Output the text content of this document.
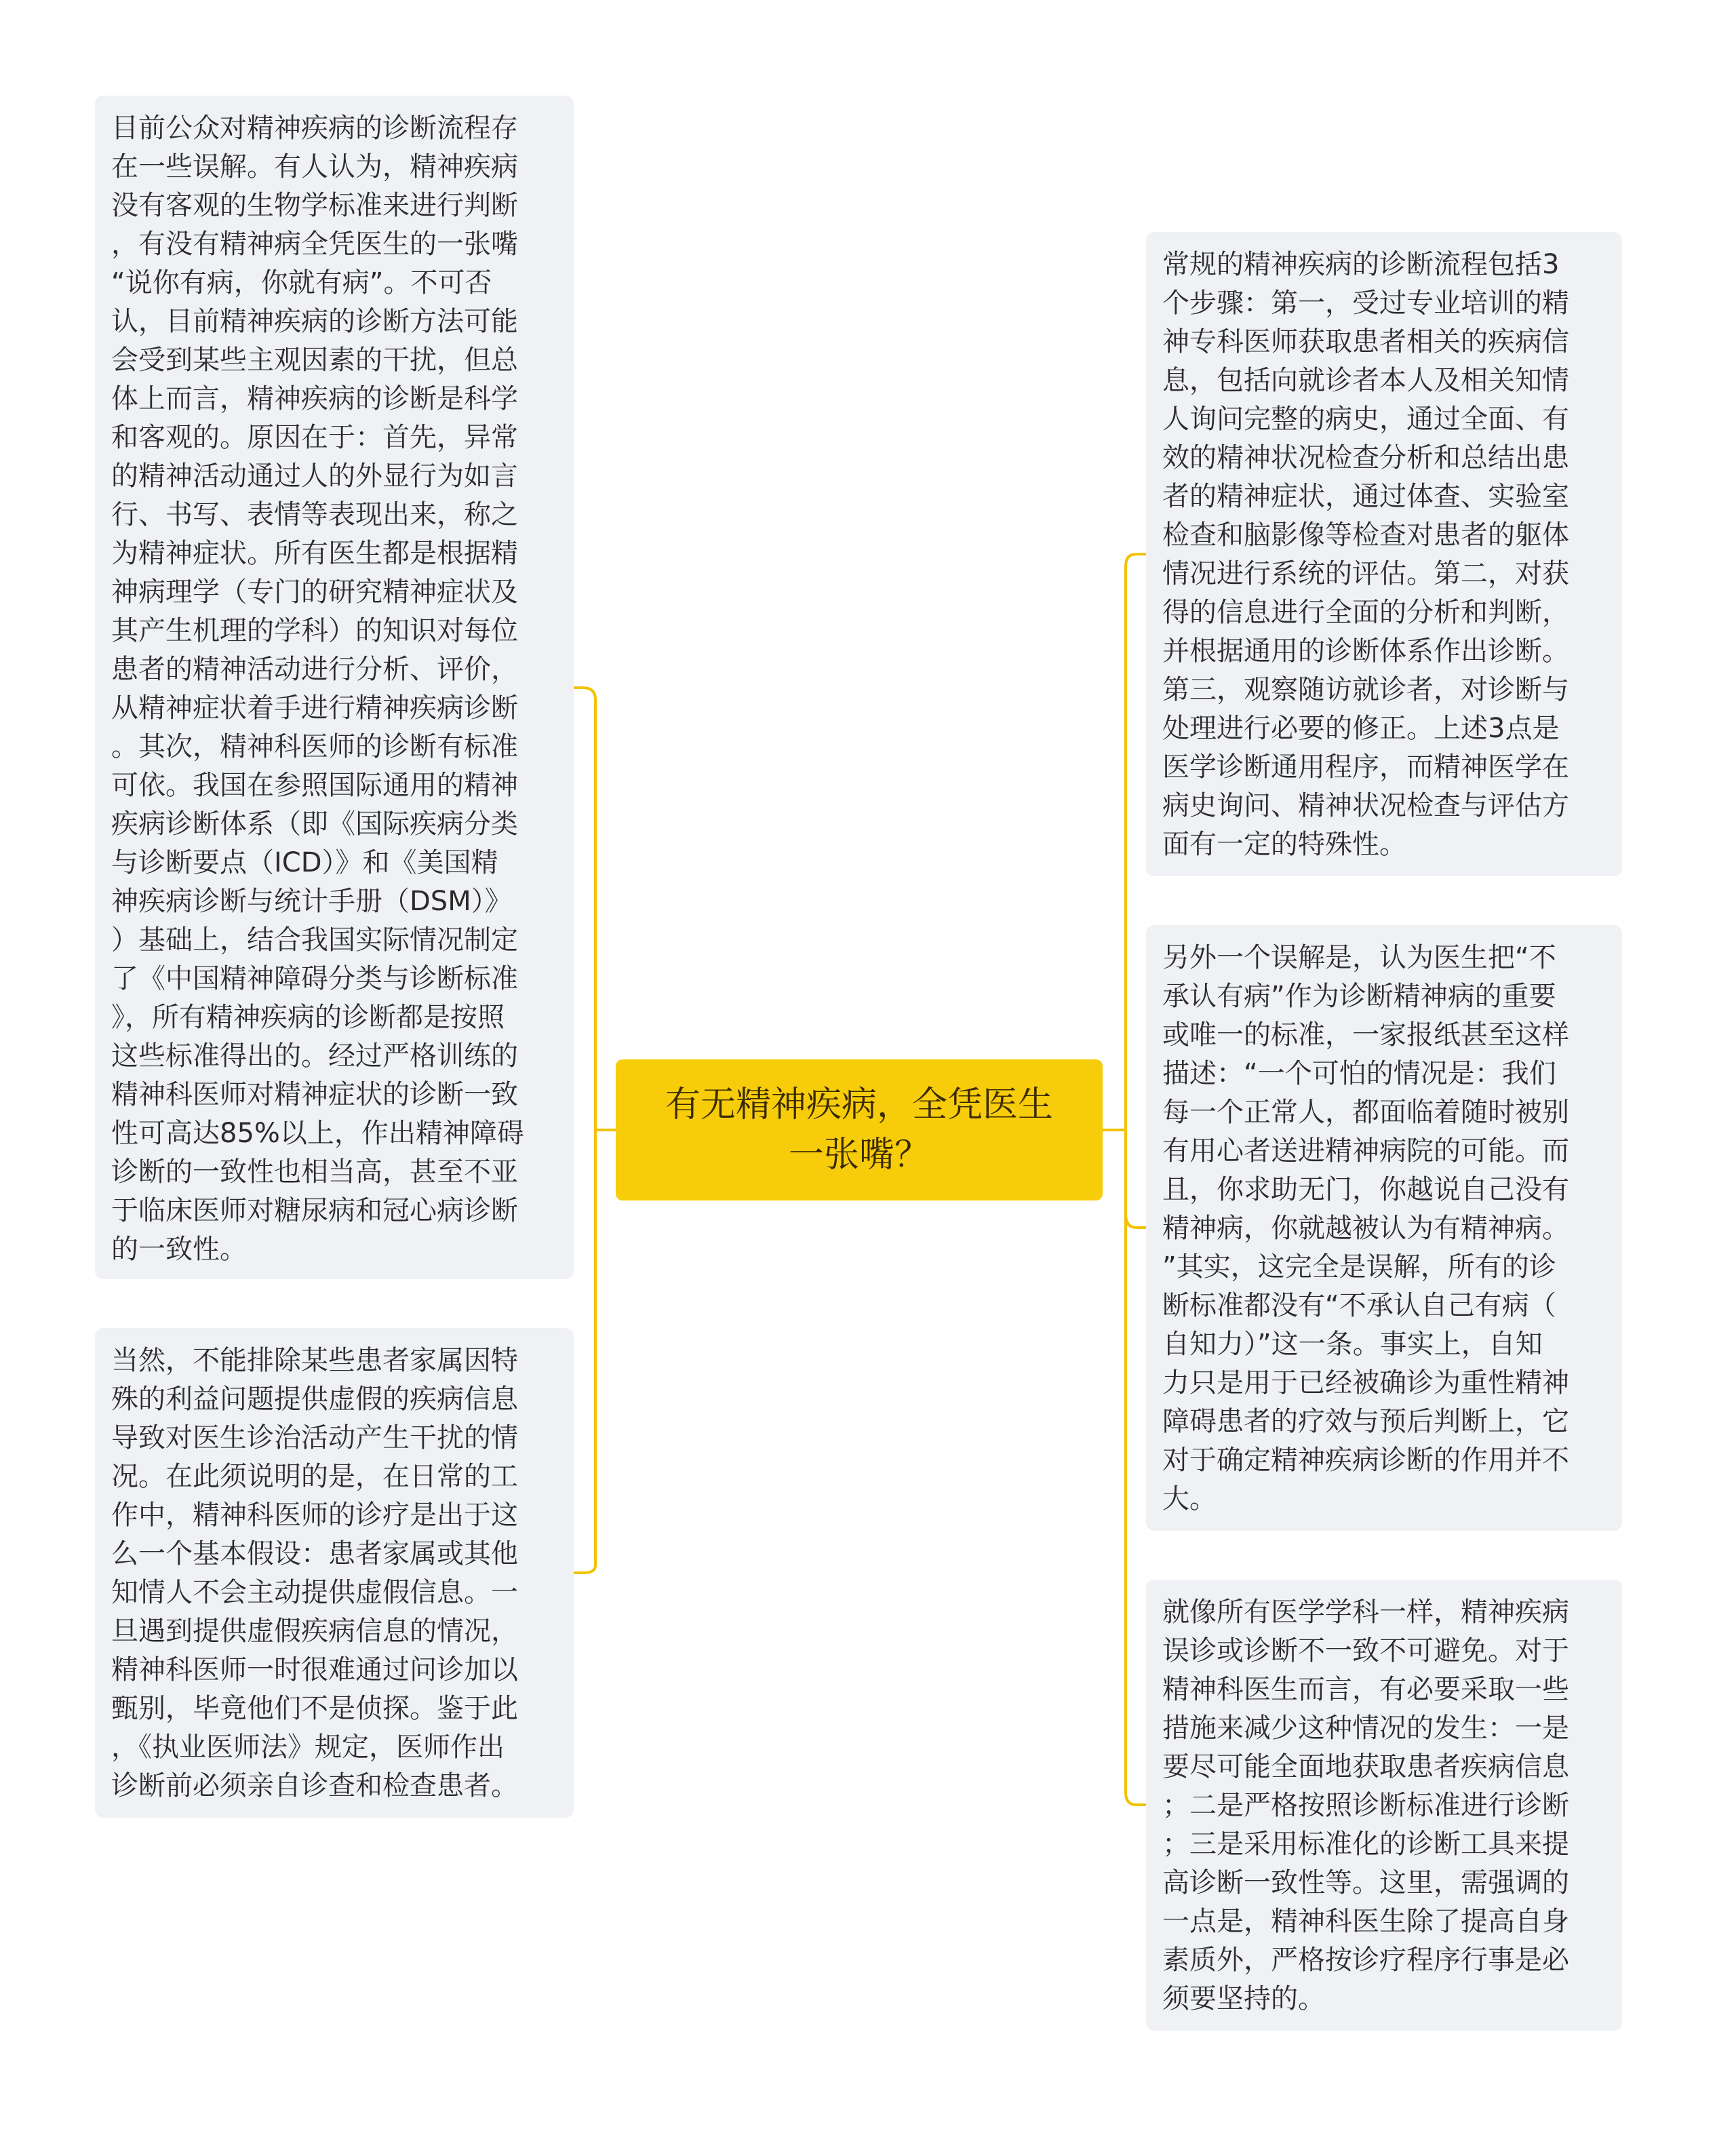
目前公众对精神疾病的诊断流程存
在一些误解。有人认为，精神疾病
没有客观的生物学标准来进行判断
，有没有精神病全凭医生的一张嘴
“说你有病，你就有病”。不可否
认，目前精神疾病的诊断方法可能
会受到某些主观因素的干扰，但总
体上而言，精神疾病的诊断是科学
和客观的。原因在于：首先，异常
的精神活动通过人的外显行为如言
行、书写、表情等表现出来，称之
为精神症状。所有医生都是根据精
神病理学（专门的研究精神症状及
其产生机理的学科）的知识对每位
患者的精神活动进行分析、评价，
从精神症状着手进行精神疾病诊断
。其次，精神科医师的诊断有标准
可依。我国在参照国际通用的精神
疾病诊断体系（即《国际疾病分类
与诊断要点（ICD）》和《美国精
神疾病诊断与统计手册（DSM）》
）基础上，结合我国实际情况制定
了《中国精神障碍分类与诊断标准
》，所有精神疾病的诊断都是按照
这些标准得出的。经过严格训练的
精神科医师对精神症状的诊断一致
性可高达85%以上，作出精神障碍
诊断的一致性也相当高，甚至不亚
于临床医师对糖尿病和冠心病诊断
的一致性。
当然，不能排除某些患者家属因特
殊的利益问题提供虚假的疾病信息
导致对医生诊治活动产生干扰的情
况。在此须说明的是，在日常的工
作中，精神科医师的诊疗是出于这
么一个基本假设：患者家属或其他
知情人不会主动提供虚假信息。一
旦遇到提供虚假疾病信息的情况，
精神科医师一时很难通过问诊加以
甄别，毕竟他们不是侦探。鉴于此
，《执业医师法》规定，医师作出
诊断前必须亲自诊查和检查患者。
有无精神疾病，全凭医生
一张嘴？
常规的精神疾病的诊断流程包括3
个步骤：第一，受过专业培训的精
神专科医师获取患者相关的疾病信
息，包括向就诊者本人及相关知情
人询问完整的病史，通过全面、有
效的精神状况检查分析和总结出患
者的精神症状，通过体查、实验室
检查和脑影像等检查对患者的躯体
情况进行系统的评估。第二，对获
得的信息进行全面的分析和判断，
并根据通用的诊断体系作出诊断。
第三，观察随访就诊者，对诊断与
处理进行必要的修正。上述3点是
医学诊断通用程序，而精神医学在
病史询问、精神状况检查与评估方
面有一定的特殊性。
另外一个误解是，认为医生把“不
承认有病”作为诊断精神病的重要
或唯一的标准，一家报纸甚至这样
描述：“一个可怕的情况是：我们
每一个正常人，都面临着随时被别
有用心者送进精神病院的可能。而
且，你求助无门，你越说自己没有
精神病，你就越被认为有精神病。
”其实，这完全是误解，所有的诊
断标准都没有“不承认自己有病（
自知力）”这一条。事实上，自知
力只是用于已经被确诊为重性精神
障碍患者的疗效与预后判断上，它
对于确定精神疾病诊断的作用并不
大。
就像所有医学学科一样，精神疾病
误诊或诊断不一致不可避免。对于
精神科医生而言，有必要采取一些
措施来减少这种情况的发生：一是
要尽可能全面地获取患者疾病信息
；二是严格按照诊断标准进行诊断
；三是采用标准化的诊断工具来提
高诊断一致性等。这里，需强调的
一点是，精神科医生除了提高自身
素质外，严格按诊疗程序行事是必
须要坚持的。
